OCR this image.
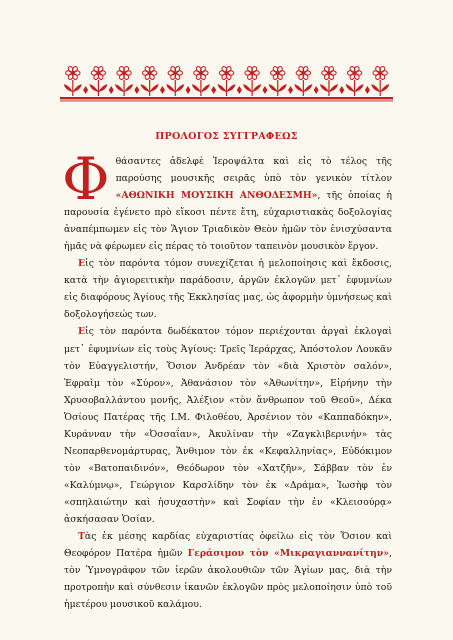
ΠΡΟΛΟΓΟΣ ΣΥΓΓΡΑΦΕΩΣ

Φ θάσαντες ἀδελφὲ Ἱεροψάλτα καὶ εἰς τὸ τέλος τῆς παρούσης μουσικῆς σειρᾶς ὑπὸ τὸν γενικὸν τίτλον «ΑΘΩΝΙΚΗ ΜΟΥΣΙΚΗ ΑΝΘΟΔΕΣΜΗ», τῆς ὁποίας ἡ παρουσία ἐγένετο πρὸ εἴκοσι πέντε ἔτη, εὐχαριστιακὰς δοξολογίας ἀναπέμπωμεν εἰς τὸν Ἅγιον Τριαδικὸν Θεὸν ἡμῶν τὸν ἐνισχύσαντα ἡμᾶς νὰ φέρωμεν εἰς πέρας τὸ τοιοῦτον ταπεινὸν μουσικὸν ἔργον.

Εἰς τὸν παρόντα τόμον συνεχίζεται ἡ μελοποίησις καὶ ἔκδοσις, κατὰ τὴν ἁγιορειτικὴν παράδοσιν, ἀργῶν ἐκλογῶν μετ᾽ ἐφυμνίων εἰς διαφόρους Ἁγίους τῆς Ἐκκλησίας μας, ὡς ἀφορμὴν ὑμνήσεως καὶ δοξολογήσεώς των.

Εἰς τὸν παρόντα δωδέκατον τόμον περιέχονται ἀργαὶ ἐκλογαὶ μετ᾽ ἐφυμνίων εἰς τοὺς Ἁγίους: Τρεῖς Ἱεράρχας, Ἀπόστολον Λουκᾶν τὸν Εὐαγγελιστήν, Ὅσιον Ἀνδρέαν τὸν «διὰ Χριστὸν σαλόν», Ἐφραὶμ τὸν «Σύρον», Ἀθανάσιον τὸν «Ἀθωνίτην», Εἰρήνην τὴν Χρυσοβαλλάντου μονῆς, Ἀλέξιον «τὸν ἄνθρωπον τοῦ Θεοῦ», Δέκα Ὁσίους Πατέρας τῆς Ι.Μ. Φιλοθέου, Ἀρσένιον τὸν «Καππαδόκην», Κυράνναν τὴν «Ὀσσαΐαν», Ἀκυλίναν τὴν «Ζαγκλιβερινήν» τὰς Νεοπαρθενομάρτυρας, Ἄνθιμον τὸν ἐκ «Κεφαλληνίας», Εὐδόκιμον τὸν «Βατοπαιδινόν», Θεόδωρον τὸν «Χατζῆν», Σάββαν τὸν ἐν «Καλύμνῳ», Γεώργιον Καρσλίδην τὸν ἐκ «Δράμα», Ἰωσὴφ τὸν «σπηλαιώτην καὶ ἡσυχαστὴν» καὶ Σοφίαν τὴν ἐν «Κλεισούρᾳ» ἀσκήσασαν Ὁσίαν.

Τὰς ἐκ μέσης καρδίας εὐχαριστίας ὀφείλω εἰς τὸν Ὅσιον καὶ Θεοφόρον Πατέρα ἡμῶν Γεράσιμον τὸν «Μικραγιαννανίτην», τὸν Ὑμνογράφον τῶν ἱερῶν ἀκολουθιῶν τῶν Ἁγίων μας, διὰ τὴν προτροπὴν καὶ σύνθεσιν ἱκανῶν ἐκλογῶν πρὸς μελοποίησιν ὑπὸ τοῦ ἡμετέρου μουσικοῦ καλάμου.
